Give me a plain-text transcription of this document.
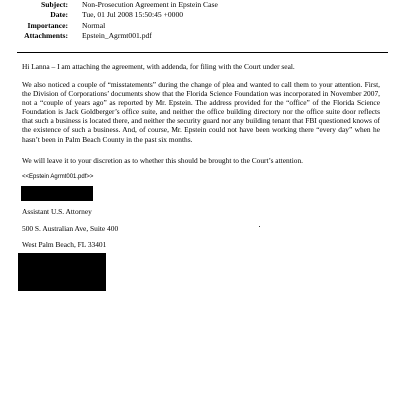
Subject: Non-Prosecution Agreement in Epstein Case
Date: Tue, 01 Jul 2008 15:50:45 +0000
Importance: Normal
Attachments: Epstein_Agrmt001.pdf
Hi Lanna – I am attaching the agreement, with addenda, for filing with the Court under seal.
We also noticed a couple of “misstatements” during the change of plea and wanted to call them to your attention. First, the Division of Corporations’ documents show that the Florida Science Foundation was incorporated in November 2007, not a “couple of years ago” as reported by Mr. Epstein. The address provided for the “office” of the Florida Science Foundation is Jack Goldberger’s office suite, and neither the office building directory nor the office suite door reflects that such a business is located there, and neither the security guard nor any building tenant that FBI questioned knows of the existence of such a business. And, of course, Mr. Epstein could not have been working there “every day” when he hasn’t been in Palm Beach County in the past six months.
We will leave it to your discretion as to whether this should be brought to the Court’s attention.
<<Epstein Agrmt001.pdf>>
Assistant U.S. Attorney
500 S. Australian Ave, Suite 400
West Palm Beach, FL 33401
